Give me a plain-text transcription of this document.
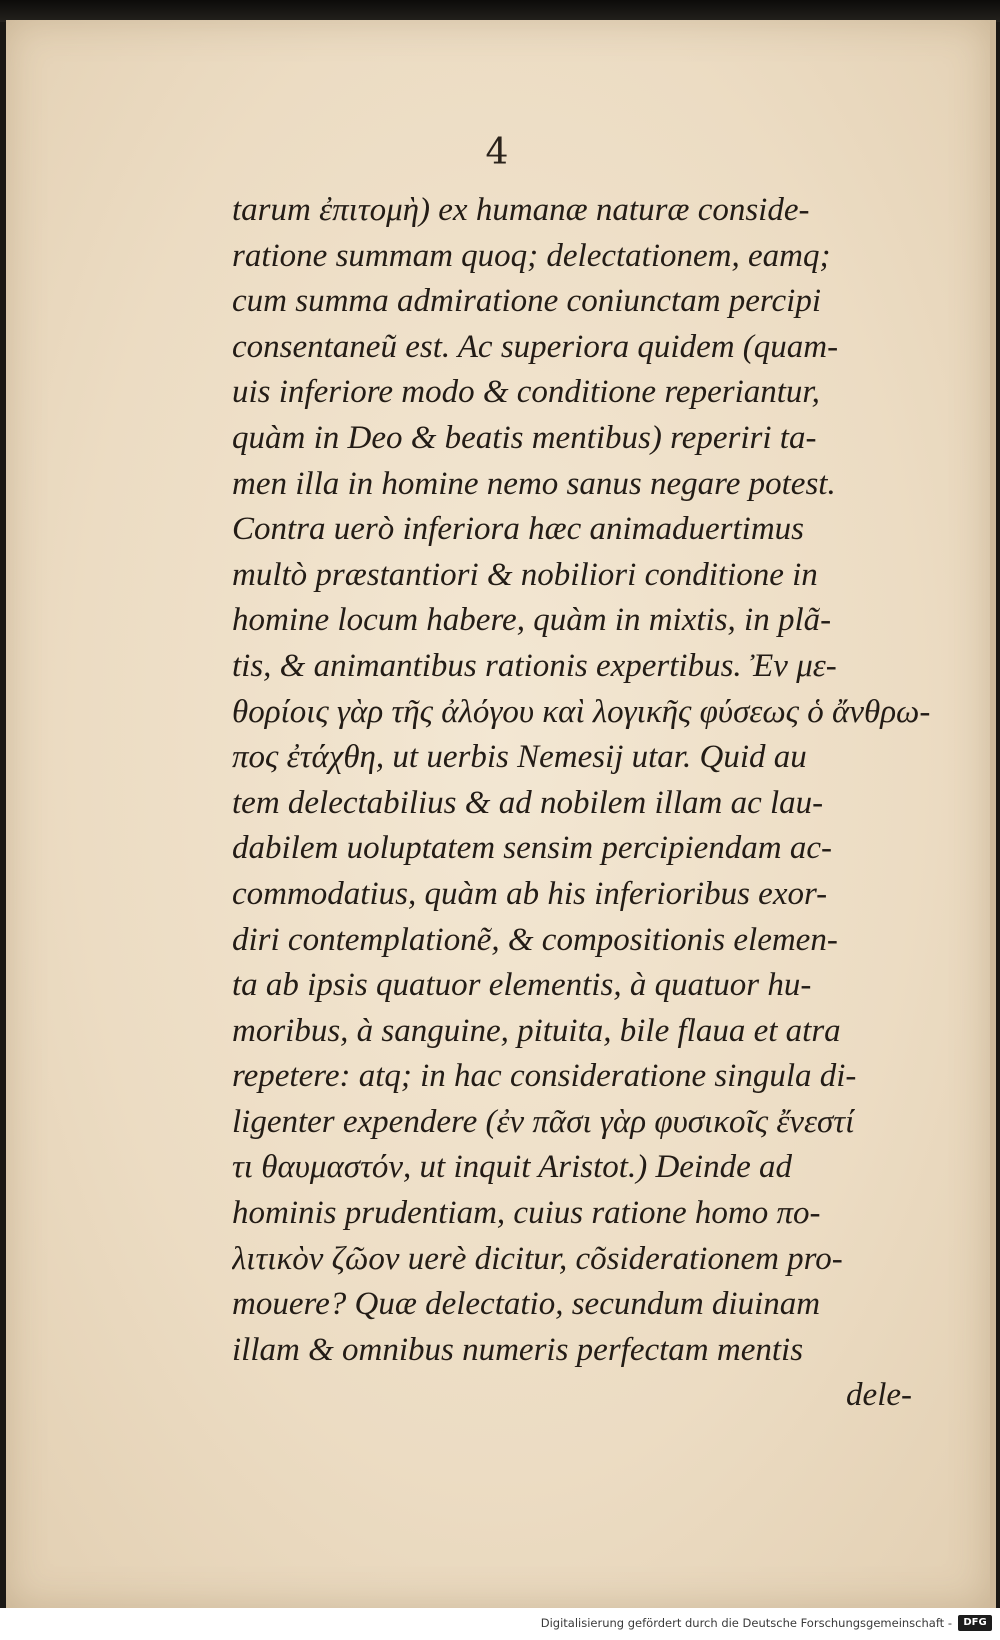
4
tarum ἐπιτομὴ) ex humanæ naturæ conside-
ratione summam quoq; delectationem, eamq;
cum summa admiratione coniunctam percipi
consentaneũ est. Ac superiora quidem (quam-
uis inferiore modo & conditione reperiantur,
quàm in Deo & beatis mentibus) reperiri ta-
men illa in homine nemo sanus negare potest.
Contra uerò inferiora hæc animaduertimus
multò præstantiori & nobiliori conditione in
homine locum habere, quàm in mixtis, in plã-
tis, & animantibus rationis expertibus. Ἐν με-
θορίοις γὰρ τῆς ἀλόγου καὶ λογικῆς φύσεως ὁ ἄνθρω-
πος ἐτάχθη, ut uerbis Nemesij utar. Quid au
tem delectabilius & ad nobilem illam ac lau-
dabilem uoluptatem sensim percipiendam ac-
commodatius, quàm ab his inferioribus exor-
diri contemplationẽ, & compositionis elemen-
ta ab ipsis quatuor elementis, à quatuor hu-
moribus, à sanguine, pituita, bile flaua et atra
repetere: atq; in hac consideratione singula di-
ligenter expendere (ἐν πᾶσι γὰρ φυσικοῖς ἔνεστί
τι θαυμαστόν, ut inquit Aristot.) Deinde ad
hominis prudentiam, cuius ratione homo πο-
λιτικὸν ζῶον uerè dicitur, cõsiderationem pro-
mouere? Quæ delectatio, secundum diuinam
illam & omnibus numeris perfectam mentis
dele-
Digitalisierung gefördert durch die Deutsche Forschungsgemeinschaft -	DFG
